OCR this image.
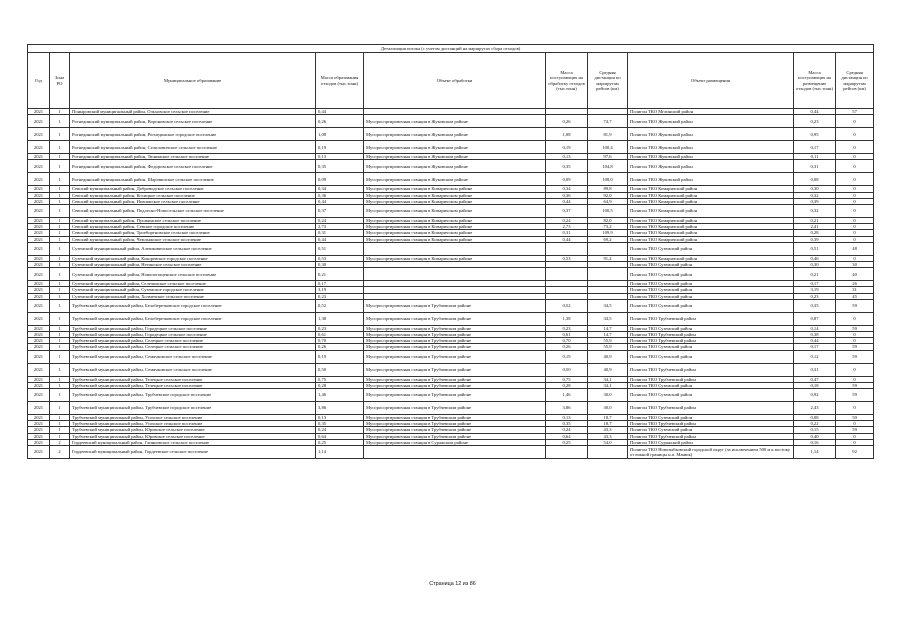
Детализация потока (с учетом дистанций на маршрутах сбора отходов)									
Год	Зона РО	Муниципальное образование	Масса образования отходов (тыс.тонн)	Объект обработки	Масса поступающих на обработку отходов (тыс.тонн)	Средняя дистанция по маршрутам рейсов (км)	Объект размещения	Масса поступающих на размещение отходов (тыс.тонн)	Средняя дистанция по маршрутам рейсов (км)
2021	1	Поныровский муниципальный район, Ольховское сельское поселение	0,44				Полигон ТКО Мглинский район	0,44	57
2021	1	Рогнединский муниципальный район, Вороновское сельское поселение	0,26	Мусоросортировочная станция в Жуковском районе	0,26	74,7	Полигон ТКО Жуковский район	0,23	0
2021	1	Рогнединский муниципальный район, Рогнединское городское поселение	1,08	Мусоросортировочная станция в Жуковском районе	1,08	81,9	Полигон ТКО Жуковский район	0,95	0
2021	1	Рогнединский муниципальный район, Селиловичское сельское поселение	0,19	Мусоросортировочная станция в Жуковском районе	0,19	100,4	Полигон ТКО Жуковский район	0,17	0
2021	1	Рогнединский муниципальный район, Тюнинское сельское поселение	0,13	Мусоросортировочная станция в Жуковском районе	0,13	97,6	Полигон ТКО Жуковский район	0,11	0
2021	1	Рогнединский муниципальный район, Федоровское сельское поселение	0,35	Мусоросортировочная станция в Жуковском районе	0,35	104,8	Полигон ТКО Жуковский район	0,31	0
2021	1	Рогнединский муниципальный район, Шаровичское сельское поселение	0,09	Мусоросортировочная станция в Жуковском районе	0,09	108,0	Полигон ТКО Жуковский район	0,08	0
2021	1	Севский муниципальный район, Доброводское сельское поселение	0,34	Мусоросортировочная станция в Комаричском районе	0,34	89,8	Полигон ТКО Комаричский район	0,30	0
2021	1	Севский муниципальный район, Косицкое сельское поселение	0,36	Мусоросортировочная станция в Комаричском районе	0,36	92,0	Полигон ТКО Комаричский район	0,32	0
2021	1	Севский муниципальный район, Новоямское сельское поселение	0,44	Мусоросортировочная станция в Комаричском районе	0,44	64,9	Полигон ТКО Комаричский район	0,39	0
2021	1	Севский муниципальный район, Подлесно-Новосельское сельское поселение	0,37	Мусоросортировочная станция в Комаричском районе	0,37	100,5	Полигон ТКО Комаричский район	0,32	0
2021	1	Севский муниципальный район, Пушкинское сельское поселение	0,24	Мусоросортировочная станция в Комаричском районе	0,24	82,0	Полигон ТКО Комаричский район	0,21	0
2021	1	Севский муниципальный район, Севское городское поселение	2,73	Мусоросортировочная станция в Комаричском районе	2,73	73,2	Полигон ТКО Комаричский район	2,41	0
2021	1	Севский муниципальный район, Троебортновское сельское поселение	0,31	Мусоросортировочная станция в Комаричском районе	0,31	109,9	Полигон ТКО Комаричский район	0,28	0
2021	1	Севский муниципальный район, Чемлыжское сельское поселение	0,44	Мусоросортировочная станция в Комаричском районе	0,44	69,2	Полигон ТКО Комаричский район	0,39	0
2021	1	Суземский муниципальный район, Алешковичское сельское поселение	0,51				Полигон ТКО Суземский район	0,51	48
2021	1	Суземский муниципальный район, Кокоревское городское поселение	0,53	Мусоросортировочная станция в Комаричском районе	0,53	91,4	Полигон ТКО Комаричский район	0,46	0
2021	1	Суземский муниципальный район, Негинское сельское поселение	0,30				Полигон ТКО Суземский район	0,30	30
2021	1	Суземский муниципальный район, Новопогощенское сельское поселение	0,21				Полигон ТКО Суземский район	0,21	40
2021	1	Суземский муниципальный район, Селечинское сельское поселение	0,17				Полигон ТКО Суземский район	0,17	26
2021	1	Суземский муниципальный район, Суземское городское поселение	3,19				Полигон ТКО Суземский район	3,19	31
2021	1	Суземский муниципальный район, Холмечское сельское поселение	0,23				Полигон ТКО Суземский район	0,23	45
2021	1	Трубчевский муниципальный район, Белоберезковское городское поселение	0,52	Мусоросортировочная станция в Трубчевском районе	0,52	34,5	Полигон ТКО Суземский район	0,35	59
2021	1	Трубчевский муниципальный район, Белоберезковское городское поселение	1,38	Мусоросортировочная станция в Трубчевском районе	1,38	34,5	Полигон ТКО Трубчевский район	0,87	0
2021	1	Трубчевский муниципальный район, Городецкое сельское поселение	0,23	Мусоросортировочная станция в Трубчевском районе	0,23	14,7	Полигон ТКО Суземский район	0,14	59
2021	1	Трубчевский муниципальный район, Городецкое сельское поселение	0,61	Мусоросортировочная станция в Трубчевском районе	0,61	14,7	Полигон ТКО Трубчевский район	0,38	0
2021	1	Трубчевский муниципальный район, Селецкое сельское поселение	0,70	Мусоросортировочная станция в Трубчевском районе	0,70	55,9	Полигон ТКО Трубчевский район	0,44	0
2021	1	Трубчевский муниципальный район, Селецкое сельское поселение	0,26	Мусоросортировочная станция в Трубчевском районе	0,26	55,9	Полигон ТКО Суземский район	0,17	59
2021	1	Трубчевский муниципальный район, Семячковское сельское поселение	0,19	Мусоросортировочная станция в Трубчевском районе	0,19	40,9	Полигон ТКО Суземский район	0,12	59
2021	1	Трубчевский муниципальный район, Семячковское сельское поселение	0,50	Мусоросортировочная станция в Трубчевском районе	0,50	40,9	Полигон ТКО Трубчевский район	0,31	0
2021	1	Трубчевский муниципальный район, Телецкое сельское поселение	0,75	Мусоросортировочная станция в Трубчевском районе	0,75	34,1	Полигон ТКО Трубчевский район	0,47	0
2021	1	Трубчевский муниципальный район, Телецкое сельское поселение	0,28	Мусоросортировочная станция в Трубчевском районе	0,28	34,1	Полигон ТКО Суземский район	0,18	59
2021	1	Трубчевский муниципальный район, Трубчевское городское поселение	1,46	Мусоросортировочная станция в Трубчевском районе	1,46	30,0	Полигон ТКО Суземский район	0,92	59
2021	1	Трубчевский муниципальный район, Трубчевское городское поселение	3,86	Мусоросортировочная станция в Трубчевском районе	3,86	30,0	Полигон ТКО Трубчевский район	2,43	0
2021	1	Трубчевский муниципальный район, Усохское сельское поселение	0,13	Мусоросортировочная станция в Трубчевском районе	0,13	18,7	Полигон ТКО Суземский район	0,08	59
2021	1	Трубчевский муниципальный район, Усохское сельское поселение	0,35	Мусоросортировочная станция в Трубчевском районе	0,35	18,7	Полигон ТКО Трубчевский район	0,22	0
2021	1	Трубчевский муниципальный район, Юровское сельское поселение	0,24	Мусоросортировочная станция в Трубчевском районе	0,24	43,3	Полигон ТКО Суземский район	0,15	59
2021	1	Трубчевский муниципальный район, Юровское сельское поселение	0,64	Мусоросортировочная станция в Трубчевском районе	0,64	43,3	Полигон ТКО Трубчевский район	0,40	0
2021	2	Гордеевский муниципальный район, Глинновское сельское поселение	0,25	Мусоросортировочная станция в Суражском районе	0,25	54,0	Полигон ТКО Суражский район	0,16	0
2021	2	Гордеевский муниципальный район, Гордеевское сельское поселение	1,14				Полигон ТКО Новозыбковский городской округ (за исключением 500 м к востоку от южной границы н.п. Манюк)	1,14	92
Страница 12 из 86
